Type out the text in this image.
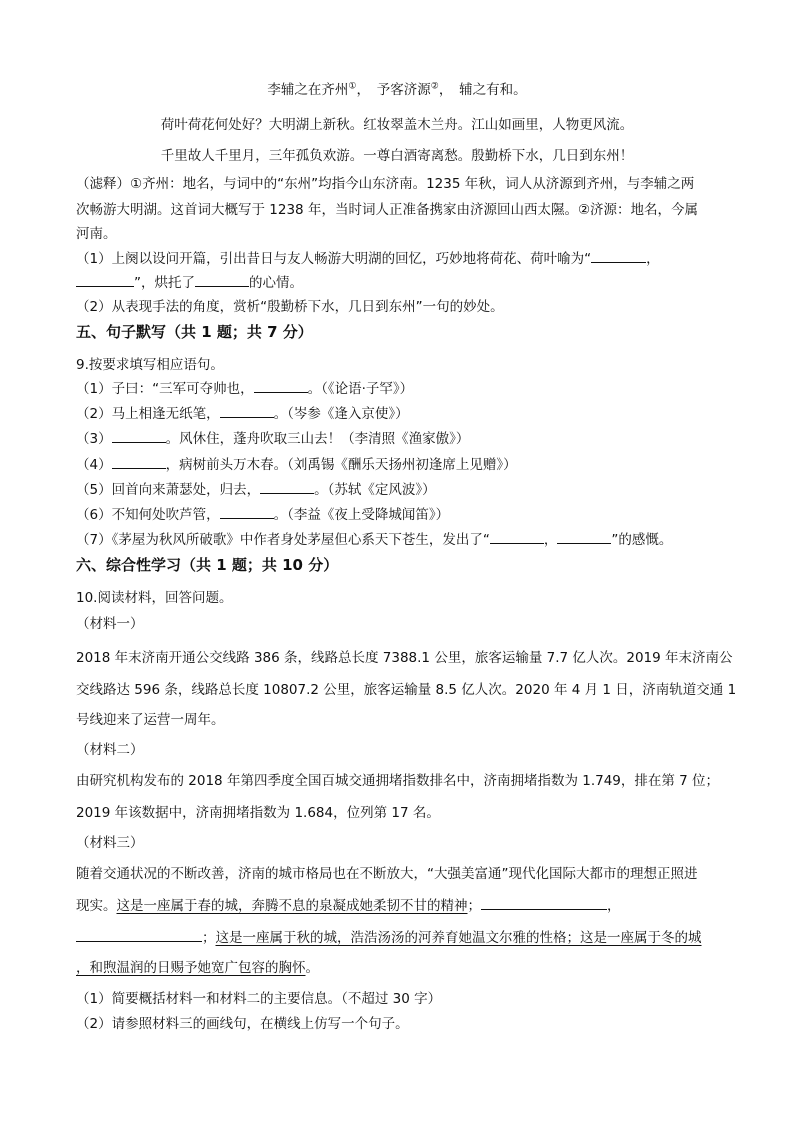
李辅之在齐州①，　予客济源②，　辅之有和。
荷叶荷花何处好？大明湖上新秋。红妆翠盖木兰舟。江山如画里，人物更风流。
千里故人千里月，三年孤负欢游。一尊白酒寄离愁。殷勤桥下水，几日到东州！
（滤释）①齐州：地名，与词中的“东州”均指今山东济南。1235 年秋，词人从济源到齐州，与李辅之两
次畅游大明湖。这首词大概写于 1238 年，当时词人正准备携家由济源回山西太隰。②济源：地名，今属
河南。
（1）上阕以设问开篇，引出昔日与友人畅游大明湖的回忆，巧妙地将荷花、荷叶喻为“	，
”，烘托了	的心情。
（2）从表现手法的角度，赏析“殷勤桥下水，几日到东州”一句的妙处。
五、句子默写（共 1 题；共 7 分）
9.按要求填写相应语句。
（1）子曰：“三军可夺帅也，	。（《论语·子罕》）
（2）马上相逢无纸笔，	。（岑参《逢入京使》）
（3）	。风休住，蓬舟吹取三山去！（李清照《渔家傲》）
（4）	，病树前头万木春。（刘禹锡《酬乐天扬州初逢席上见赠》）
（5）回首向来萧瑟处，归去，	。（苏轼《定风波》）
（6）不知何处吹芦管，	。（李益《夜上受降城闻笛》）
（7）《茅屋为秋风所破歌》中作者身处茅屋但心系天下苍生，发出了“	，	”的感慨。
六、综合性学习（共 1 题；共 10 分）
10.阅读材料，回答问题。
（材料一）
2018 年末济南开通公交线路 386 条，线路总长度 7388.1 公里，旅客运输量 7.7 亿人次。2019 年末济南公
交线路达 596 条，线路总长度 10807.2 公里，旅客运输量 8.5 亿人次。2020 年 4 月 1 日，济南轨道交通 1
号线迎来了运营一周年。
（材料二）
由研究机构发布的 2018 年第四季度全国百城交通拥堵指数排名中，济南拥堵指数为 1.749，排在第 7 位；
2019 年该数据中，济南拥堵指数为 1.684，位列第 17 名。
（材料三）
随着交通状况的不断改善，济南的城市格局也在不断放大，“大强美富通”现代化国际大都市的理想正照进
现实。这是一座属于春的城，奔腾不息的泉凝成她柔韧不甘的精神；	，
；这是一座属于秋的城，浩浩汤汤的河养育她温文尔雅的性格；这是一座属于冬的城
，和煦温润的日赐予她宽广包容的胸怀。
（1）简要概括材料一和材料二的主要信息。（不超过 30 字）
（2）请参照材料三的画线句，在横线上仿写一个句子。
